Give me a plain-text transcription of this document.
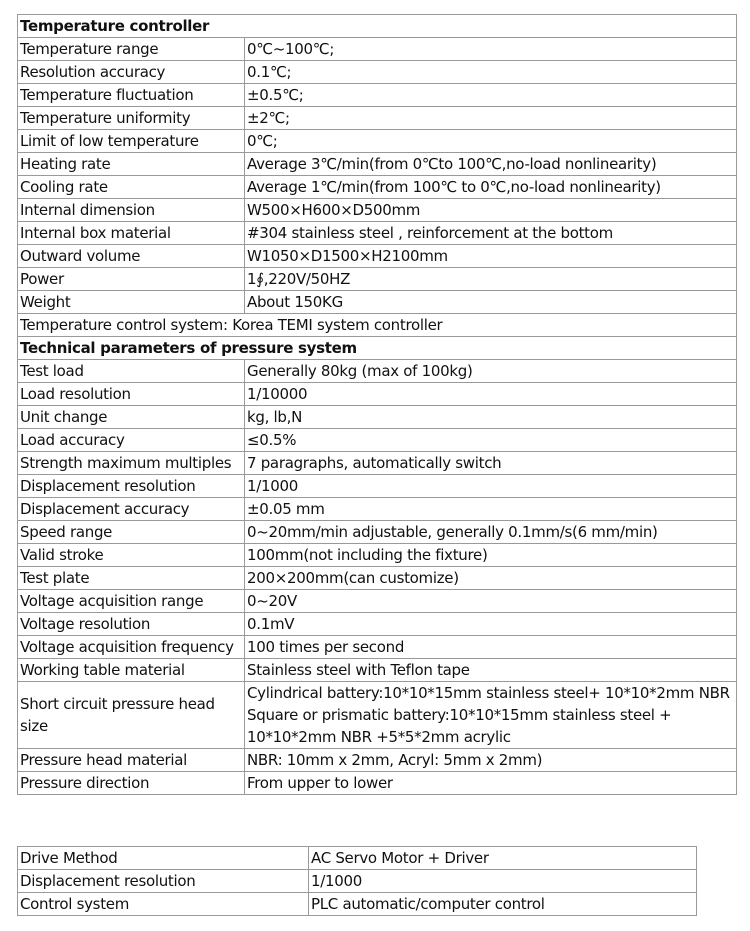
Temperature controller	
Temperature range	0℃~100℃;
Resolution accuracy	0.1℃;
Temperature fluctuation	±0.5℃;
Temperature uniformity	±2℃;
Limit of low temperature	0℃;
Heating rate	Average 3℃/min(from 0℃to 100℃,no-load nonlinearity)
Cooling rate	Average 1℃/min(from 100℃ to 0℃,no-load nonlinearity)
Internal dimension	W500×H600×D500mm
Internal box material	#304 stainless steel , reinforcement at the bottom
Outward volume	W1050×D1500×H2100mm
Power	1∮,220V/50HZ
Weight	About 150KG
Temperature control system: Korea TEMI system controller	
Technical parameters of pressure system	
Test load	Generally 80kg (max of 100kg)
Load resolution	1/10000
Unit change	kg, lb,N
Load accuracy	≤0.5%
Strength maximum multiples	7 paragraphs, automatically switch
Displacement resolution	1/1000
Displacement accuracy	±0.05 mm
Speed range	0~20mm/min adjustable, generally 0.1mm/s(6 mm/min)
Valid stroke	100mm(not including the fixture)
Test plate	200×200mm(can customize)
Voltage acquisition range	0~20V
Voltage resolution	0.1mV
Voltage acquisition frequency	100 times per second
Working table material	Stainless steel with Teflon tape
Short circuit pressure head size	Cylindrical battery:10*10*15mm stainless steel+ 10*10*2mm NBR Square or prismatic battery:10*10*15mm stainless steel + 10*10*2mm NBR +5*5*2mm acrylic
Pressure head material	NBR: 10mm x 2mm, Acryl: 5mm x 2mm)
Pressure direction	From upper to lower
Drive Method	AC Servo Motor + Driver
Displacement resolution	1/1000
Control system	PLC automatic/computer control
